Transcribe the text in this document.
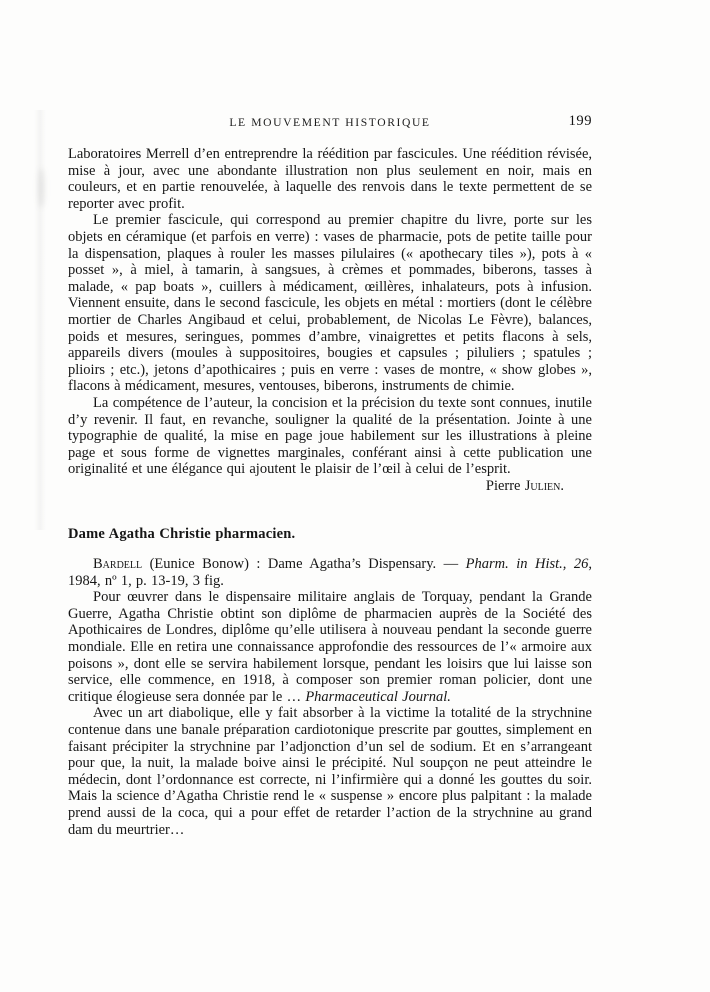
LE MOUVEMENT HISTORIQUE	199

Laboratoires Merrell d’en entreprendre la réédition par fascicules. Une réédition révisée, mise à jour, avec une abondante illustration non plus seulement en noir, mais en couleurs, et en partie renouvelée, à laquelle des renvois dans le texte permettent de se reporter avec profit.

Le premier fascicule, qui correspond au premier chapitre du livre, porte sur les objets en céramique (et parfois en verre) : vases de pharmacie, pots de petite taille pour la dispensation, plaques à rouler les masses pilulaires (« apothecary tiles »), pots à « posset », à miel, à tamarin, à sangsues, à crèmes et pommades, biberons, tasses à malade, « pap boats », cuillers à médicament, œillères, inhalateurs, pots à infusion. Viennent ensuite, dans le second fascicule, les objets en métal : mortiers (dont le célèbre mortier de Charles Angibaud et celui, probablement, de Nicolas Le Fèvre), balances, poids et mesures, seringues, pommes d’ambre, vinaigrettes et petits flacons à sels, appareils divers (moules à suppositoires, bougies et capsules ; piluliers ; spatules ; plioirs ; etc.), jetons d’apothicaires ; puis en verre : vases de montre, « show globes », flacons à médicament, mesures, ventouses, biberons, instruments de chimie.

La compétence de l’auteur, la concision et la précision du texte sont connues, inutile d’y revenir. Il faut, en revanche, souligner la qualité de la présentation. Jointe à une typographie de qualité, la mise en page joue habilement sur les illustrations à pleine page et sous forme de vignettes marginales, conférant ainsi à cette publication une originalité et une élégance qui ajoutent le plaisir de l’œil à celui de l’esprit.

Pierre Julien.

Dame Agatha Christie pharmacien.

Bardell (Eunice Bonow) : Dame Agatha’s Dispensary. — Pharm. in Hist., 26, 1984, nº 1, p. 13-19, 3 fig.

Pour œuvrer dans le dispensaire militaire anglais de Torquay, pendant la Grande Guerre, Agatha Christie obtint son diplôme de pharmacien auprès de la Société des Apothicaires de Londres, diplôme qu’elle utilisera à nouveau pendant la seconde guerre mondiale. Elle en retira une connaissance approfondie des ressources de l’« armoire aux poisons », dont elle se servira habilement lorsque, pendant les loisirs que lui laisse son service, elle commence, en 1918, à composer son premier roman policier, dont une critique élogieuse sera donnée par le … Pharmaceutical Journal.

Avec un art diabolique, elle y fait absorber à la victime la totalité de la strychnine contenue dans une banale préparation cardiotonique prescrite par gouttes, simplement en faisant précipiter la strychnine par l’adjonction d’un sel de sodium. Et en s’arrangeant pour que, la nuit, la malade boive ainsi le précipité. Nul soupçon ne peut atteindre le médecin, dont l’ordonnance est correcte, ni l’infirmière qui a donné les gouttes du soir. Mais la science d’Agatha Christie rend le « suspense » encore plus palpitant : la malade prend aussi de la coca, qui a pour effet de retarder l’action de la strychnine au grand dam du meurtrier…
